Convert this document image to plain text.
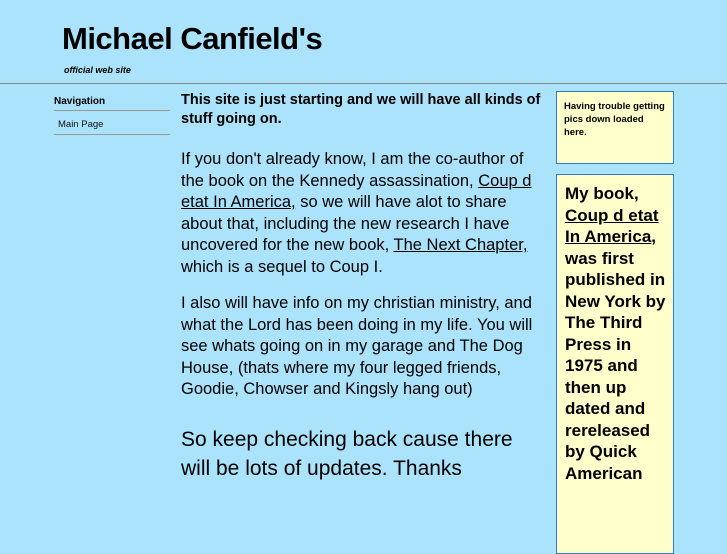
Michael Canfield's
official web site
Navigation
Main Page

This site is just starting and we will have all kinds of stuff going on.

If you don't already know, I am the co-author of the book on the Kennedy assassination, Coup d etat In America, so we will have alot to share about that, including the new research I have uncovered for the new book, The Next Chapter, which is a sequel to Coup I.

I also will have info on my christian ministry, and what the Lord has been doing in my life. You will see whats going on in my garage and The Dog House, (thats where my four legged friends, Goodie, Chowser and Kingsly hang out)

So keep checking back cause there will be lots of updates. Thanks

Having trouble getting pics down loaded here.
My book, Coup d etat In America, was first published in New York by The Third Press in 1975 and then up dated and rereleased by Quick American
